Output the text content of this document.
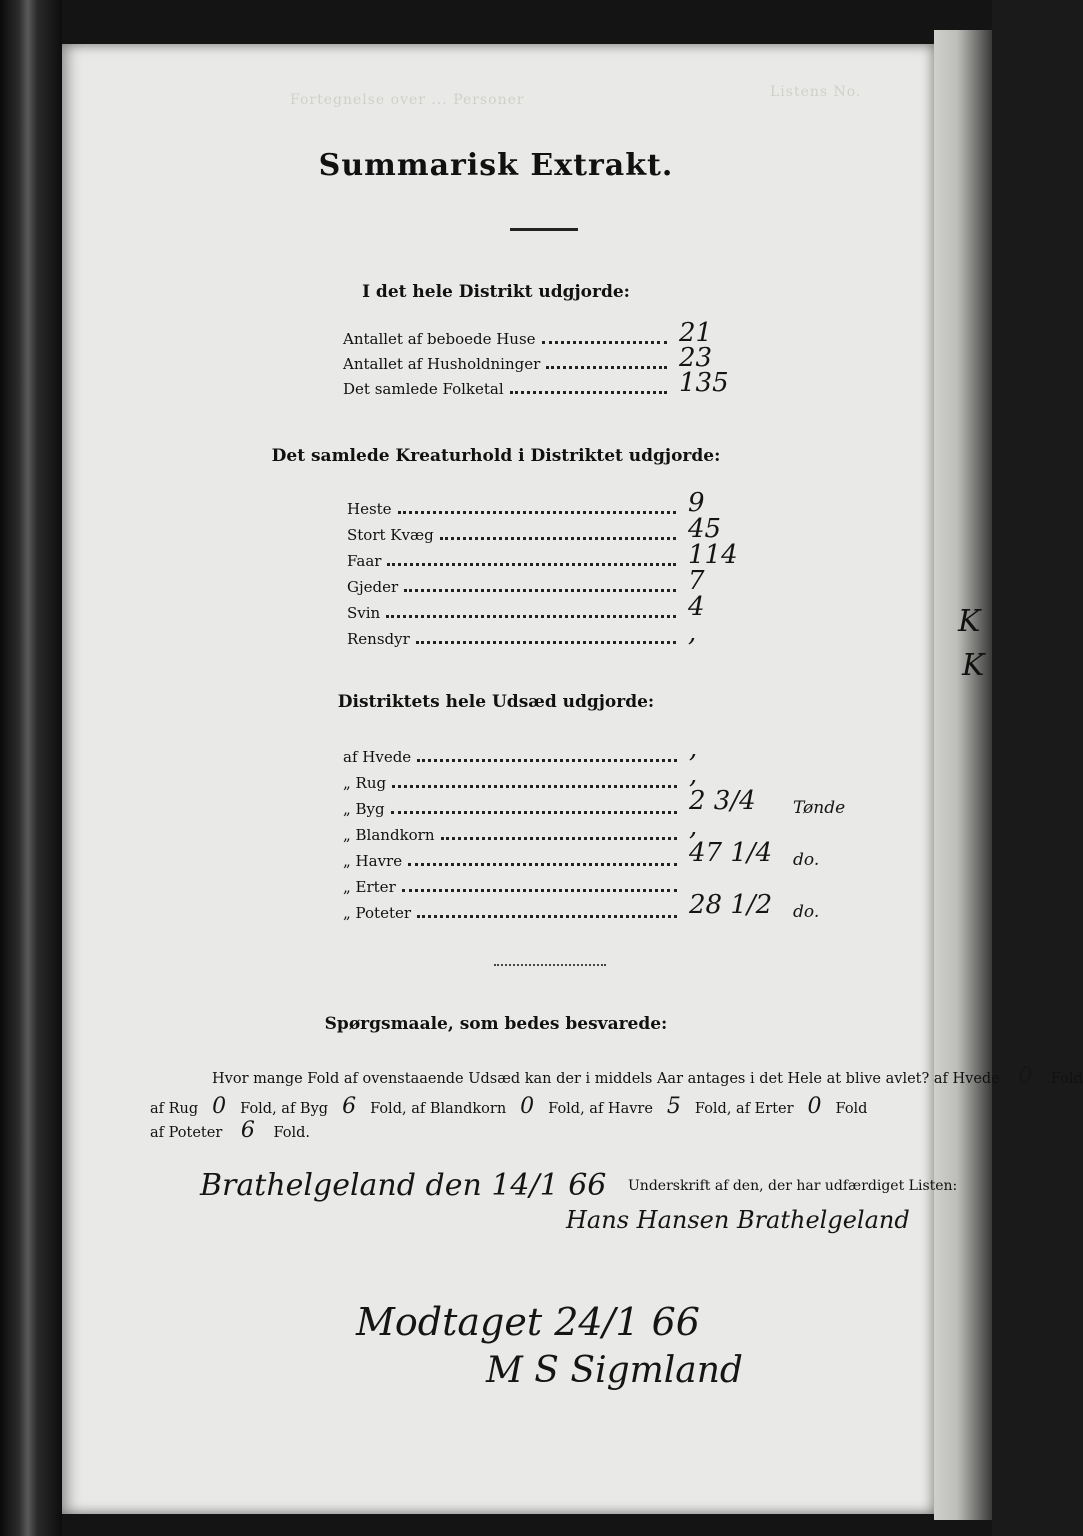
Fortegnelse over ... Personer	Listens No.
Summarisk Extrakt.
I det hele Distrikt udgjorde:
Antallet af beboede Huse	21
Antallet af Husholdninger	23
Det samlede Folketal	135
Det samlede Kreaturhold i Distriktet udgjorde:
Heste	9
Stort Kvæg	45
Faar	114
Gjeder	7
Svin	4
Rensdyr	,
Distriktets hele Udsæd udgjorde:
af Hvede	,
„ Rug	,
„ Byg	2 3/4 Tønde
„ Blandkorn	,
„ Havre	47 1/4 do.
„ Erter
„ Poteter	28 1/2 do.
Spørgsmaale, som bedes besvarede:
Hvor mange Fold af ovenstaaende Udsæd kan der i middels Aar antages i det Hele at blive avlet? af Hvede 0 Fold
af Rug 0 Fold, af Byg 6 Fold, af Blandkorn 0 Fold, af Havre 5 Fold, af Erter 0 Fold
af Poteter 6 Fold.
Brathelgeland den 14/1 66 Underskrift af den, der har udfærdiget Listen:
Hans Hansen Brathelgeland
Modtaget 24/1 66
M S Sigmland
K
K
